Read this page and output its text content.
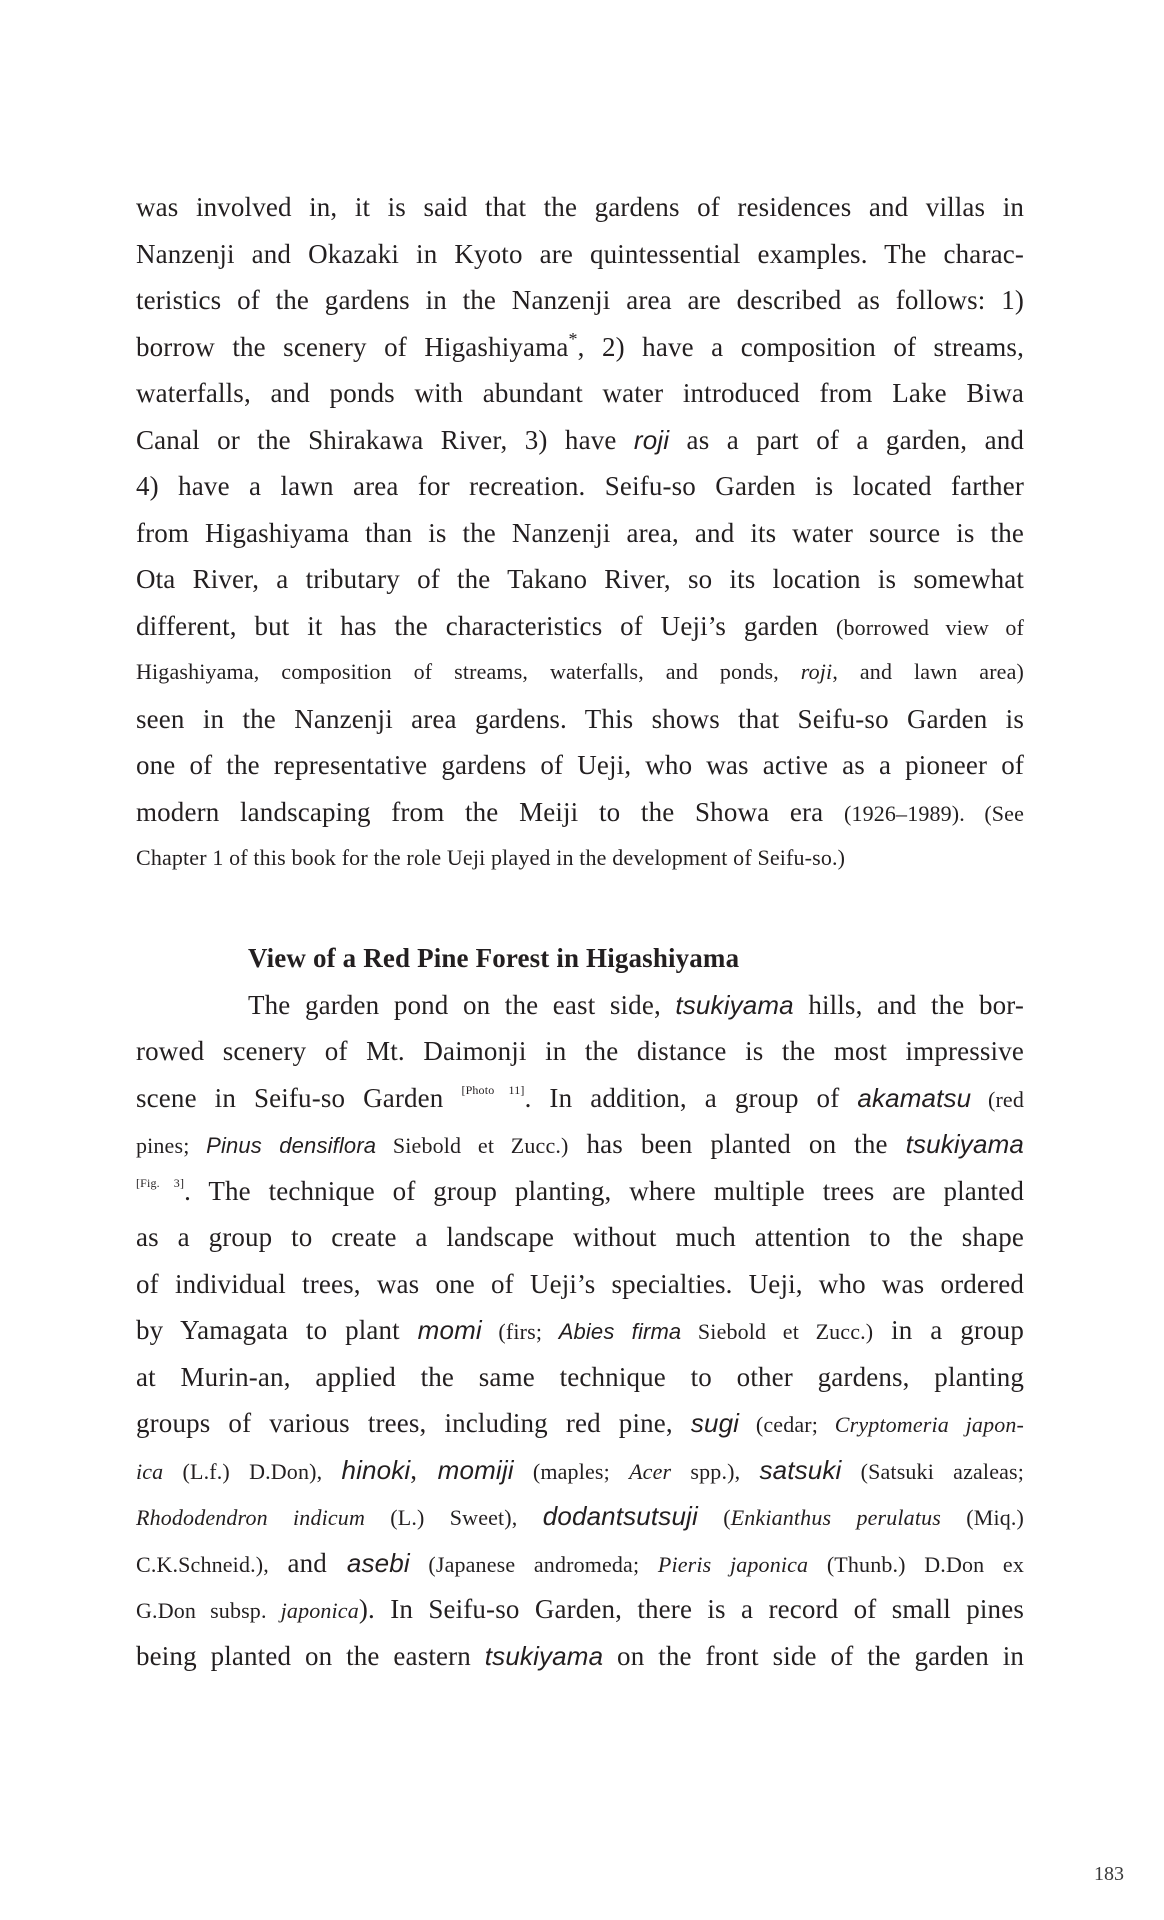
was involved in, it is said that the gardens of residences and villas in
Nanzenji and Okazaki in Kyoto are quintessential examples. The charac-
teristics of the gardens in the Nanzenji area are described as follows: 1)
borrow the scenery of Higashiyama*, 2) have a composition of streams,
waterfalls, and ponds with abundant water introduced from Lake Biwa
Canal or the Shirakawa River, 3) have roji as a part of a garden, and
4) have a lawn area for recreation. Seifu-so Garden is located farther
from Higashiyama than is the Nanzenji area, and its water source is the
Ota River, a tributary of the Takano River, so its location is somewhat
different, but it has the characteristics of Ueji’s garden (borrowed view of
Higashiyama, composition of streams, waterfalls, and ponds, roji, and lawn area)
seen in the Nanzenji area gardens. This shows that Seifu-so Garden is
one of the representative gardens of Ueji, who was active as a pioneer of
modern landscaping from the Meiji to the Showa era (1926–1989). (See
Chapter 1 of this book for the role Ueji played in the development of Seifu-so.)
View of a Red Pine Forest in Higashiyama
The garden pond on the east side, tsukiyama hills, and the bor-
rowed scenery of Mt. Daimonji in the distance is the most impressive
scene in Seifu-so Garden [Photo 11]. In addition, a group of akamatsu (red
pines; Pinus densiflora Siebold et Zucc.) has been planted on the tsukiyama
[Fig. 3]. The technique of group planting, where multiple trees are planted
as a group to create a landscape without much attention to the shape
of individual trees, was one of Ueji’s specialties. Ueji, who was ordered
by Yamagata to plant momi (firs; Abies firma Siebold et Zucc.) in a group
at Murin-an, applied the same technique to other gardens, planting
groups of various trees, including red pine, sugi (cedar; Cryptomeria japon-
ica (L.f.) D.Don), hinoki, momiji (maples; Acer spp.), satsuki (Satsuki azaleas;
Rhododendron indicum (L.) Sweet), dodantsutsuji (Enkianthus perulatus (Miq.)
C.K.Schneid.), and asebi (Japanese andromeda; Pieris japonica (Thunb.) D.Don ex
G.Don subsp. japonica). In Seifu-so Garden, there is a record of small pines
being planted on the eastern tsukiyama on the front side of the garden in
183
